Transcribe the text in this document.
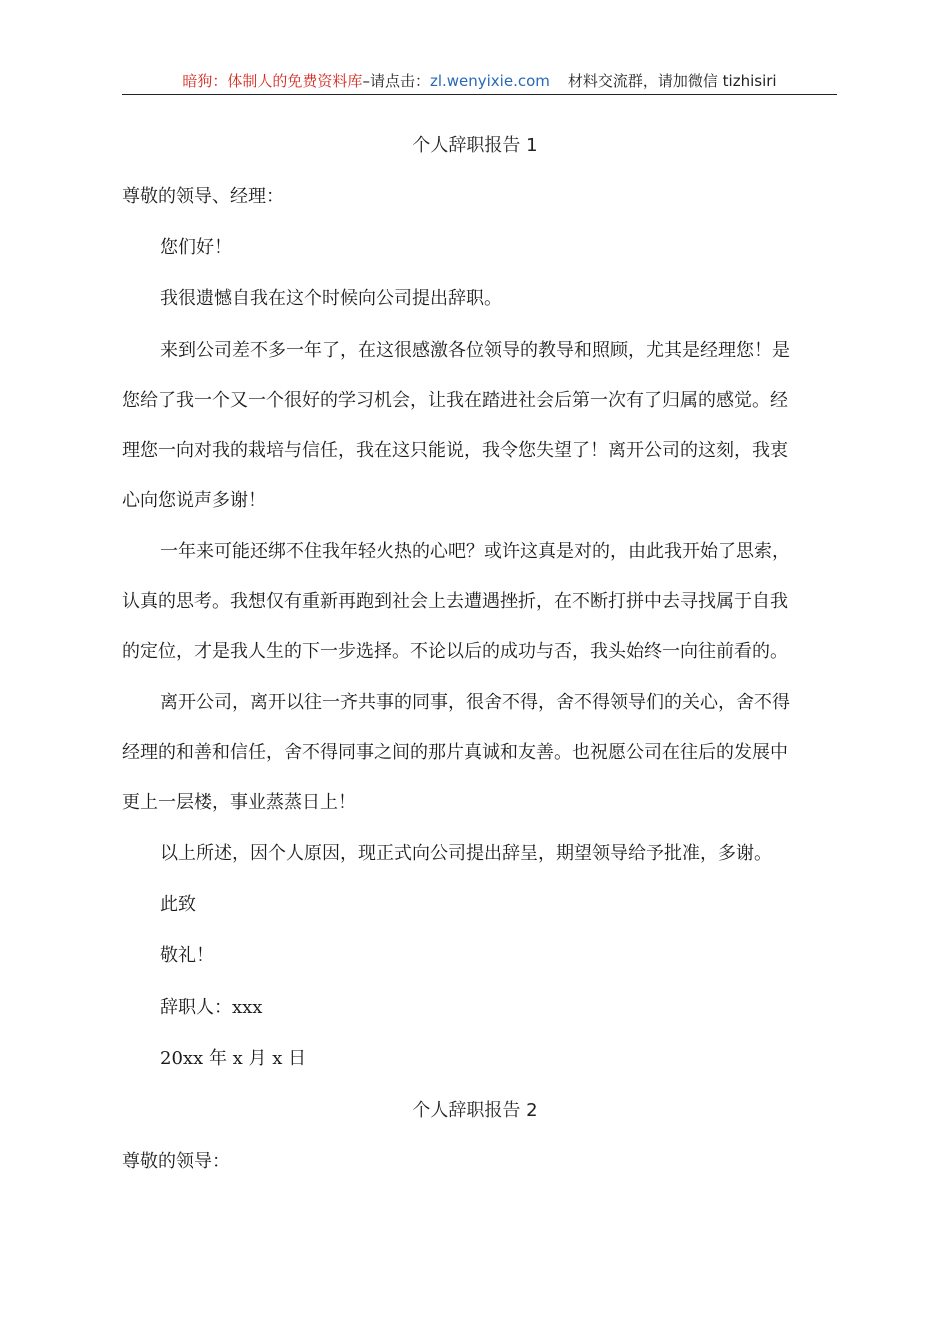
暗狗：体制人的免费资料库–请点击：zl.wenyixie.com 材料交流群，请加微信 tizhisiri
个人辞职报告 1
尊敬的领导、经理：
您们好！
我很遗憾自我在这个时候向公司提出辞职。
来到公司差不多一年了，在这很感激各位领导的教导和照顾，尤其是经理您！是
您给了我一个又一个很好的学习机会，让我在踏进社会后第一次有了归属的感觉。经
理您一向对我的栽培与信任，我在这只能说，我令您失望了！离开公司的这刻，我衷
心向您说声多谢！
一年来可能还绑不住我年轻火热的心吧？或许这真是对的，由此我开始了思索，
认真的思考。我想仅有重新再跑到社会上去遭遇挫折，在不断打拼中去寻找属于自我
的定位，才是我人生的下一步选择。不论以后的成功与否，我头始终一向往前看的。
离开公司，离开以往一齐共事的同事，很舍不得，舍不得领导们的关心，舍不得
经理的和善和信任，舍不得同事之间的那片真诚和友善。也祝愿公司在往后的发展中
更上一层楼，事业蒸蒸日上！
以上所述，因个人原因，现正式向公司提出辞呈，期望领导给予批准，多谢。
此致
敬礼！
辞职人：xxx
20xx 年 x 月 x 日
个人辞职报告 2
尊敬的领导：
